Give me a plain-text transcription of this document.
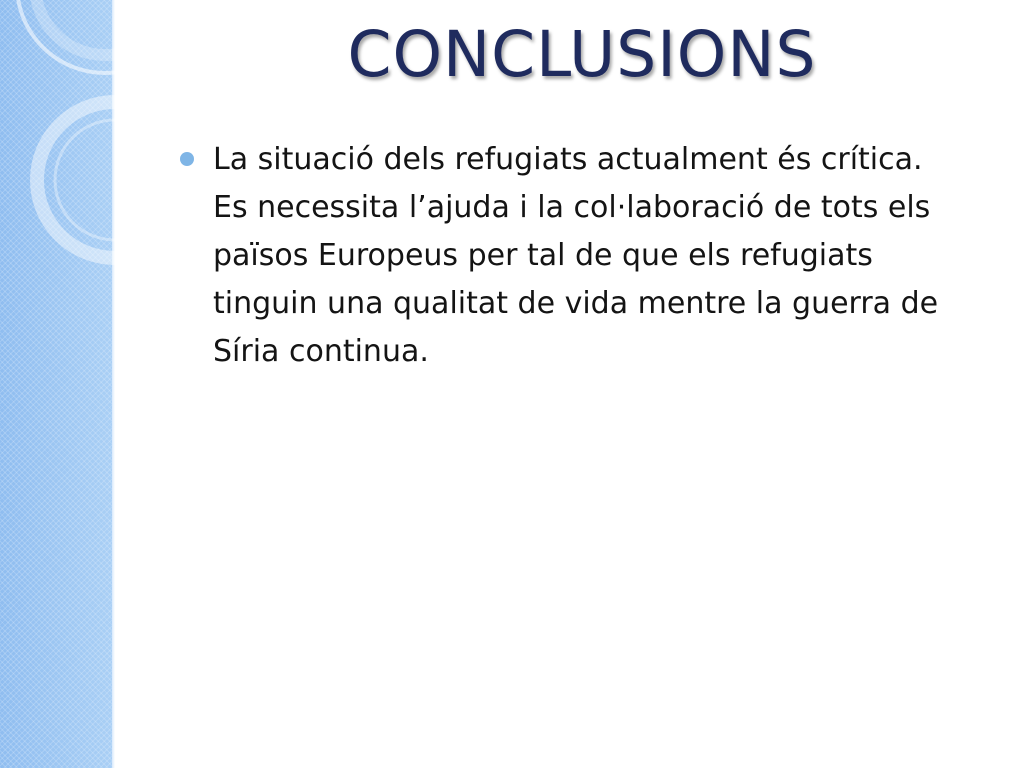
CONCLUSIONS
La situació dels refugiats actualment és crítica.
Es necessita l’ajuda i la col·laboració de tots els
països Europeus per tal de que els refugiats
tinguin una qualitat de vida mentre la guerra de
Síria continua.
